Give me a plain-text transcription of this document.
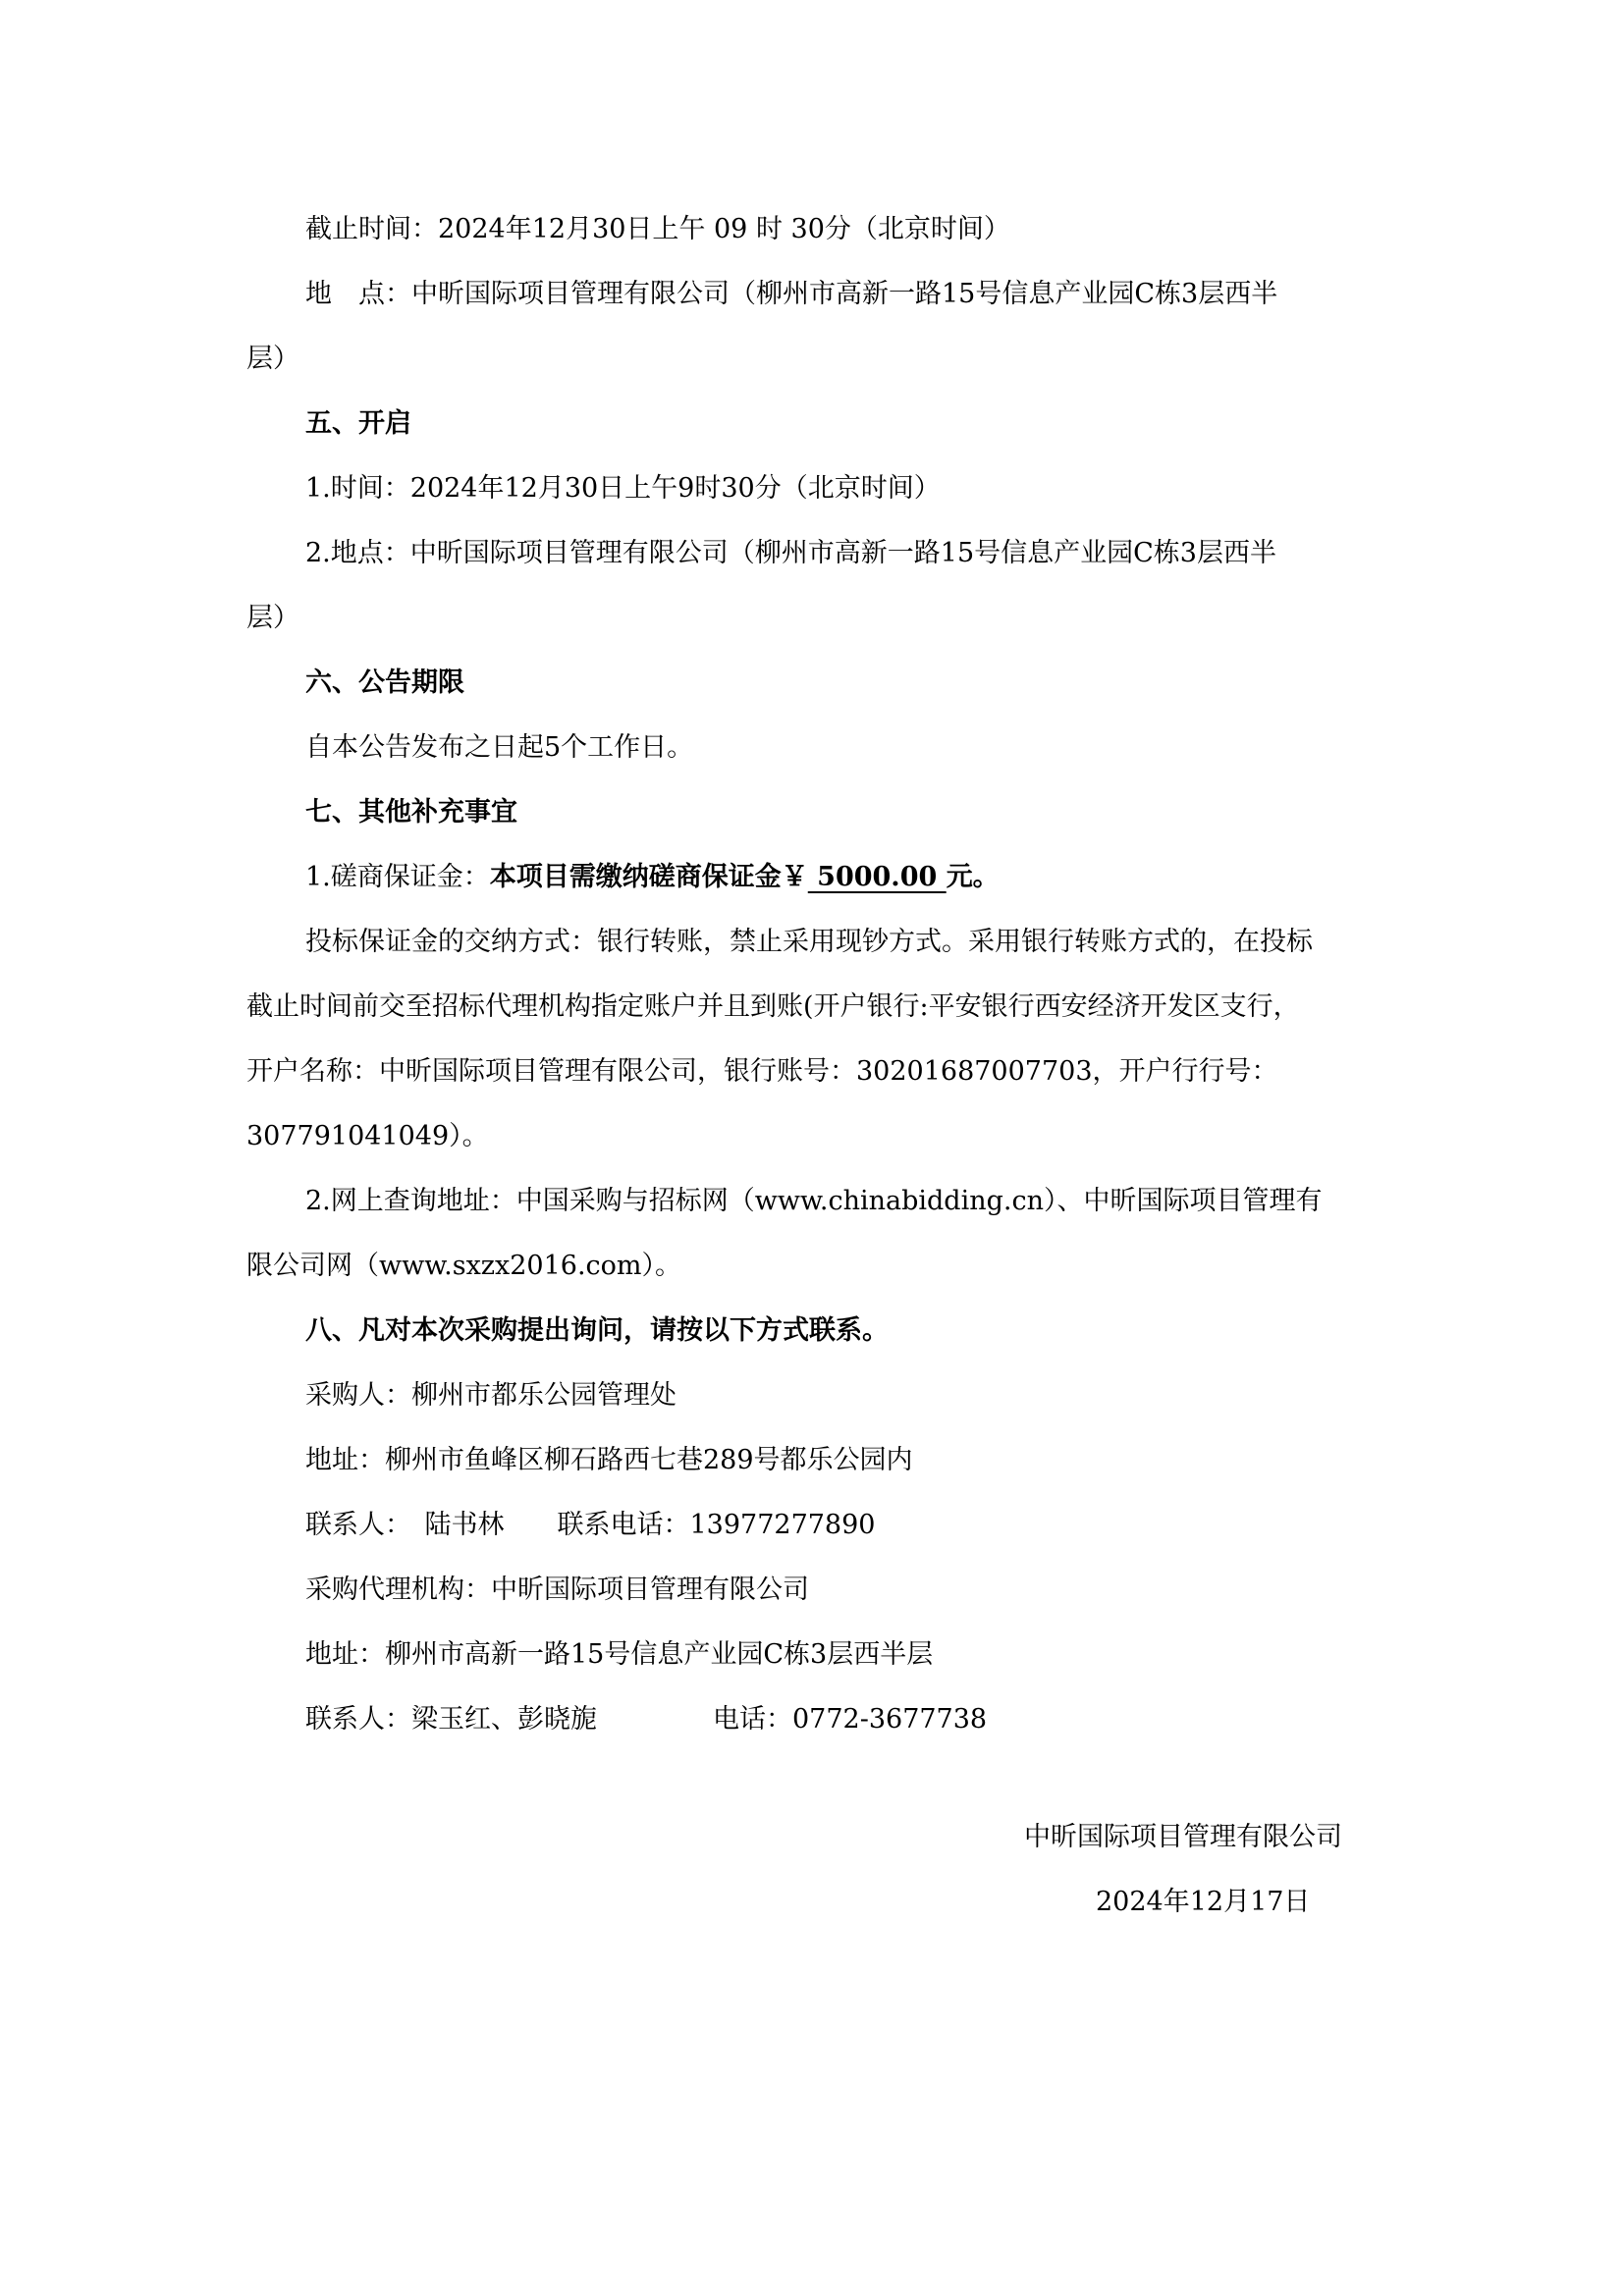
截止时间：2024年12月30日上午 09 时 30分（北京时间）
地　点：中昕国际项目管理有限公司（柳州市高新一路15号信息产业园C栋3层西半
层）
五、开启
1.时间：2024年12月30日上午9时30分（北京时间）
2.地点：中昕国际项目管理有限公司（柳州市高新一路15号信息产业园C栋3层西半
层）
六、公告期限
自本公告发布之日起5个工作日。
七、其他补充事宜
1.磋商保证金：本项目需缴纳磋商保证金￥ 5000.00 元。
投标保证金的交纳方式：银行转账，禁止采用现钞方式。采用银行转账方式的，在投标
截止时间前交至招标代理机构指定账户并且到账(开户银行:平安银行西安经济开发区支行，
开户名称：中昕国际项目管理有限公司，银行账号：30201687007703，开户行行号：
307791041049）。
2.网上查询地址：中国采购与招标网（www.chinabidding.cn）、中昕国际项目管理有
限公司网（www.sxzx2016.com）。
八、凡对本次采购提出询问，请按以下方式联系。
采购人：柳州市都乐公园管理处
地址：柳州市鱼峰区柳石路西七巷289号都乐公园内
联系人：　陆书林 联系电话：13977277890
采购代理机构：中昕国际项目管理有限公司
地址：柳州市高新一路15号信息产业园C栋3层西半层
联系人：梁玉红、彭晓旎	电话：0772-3677738
中昕国际项目管理有限公司
2024年12月17日
